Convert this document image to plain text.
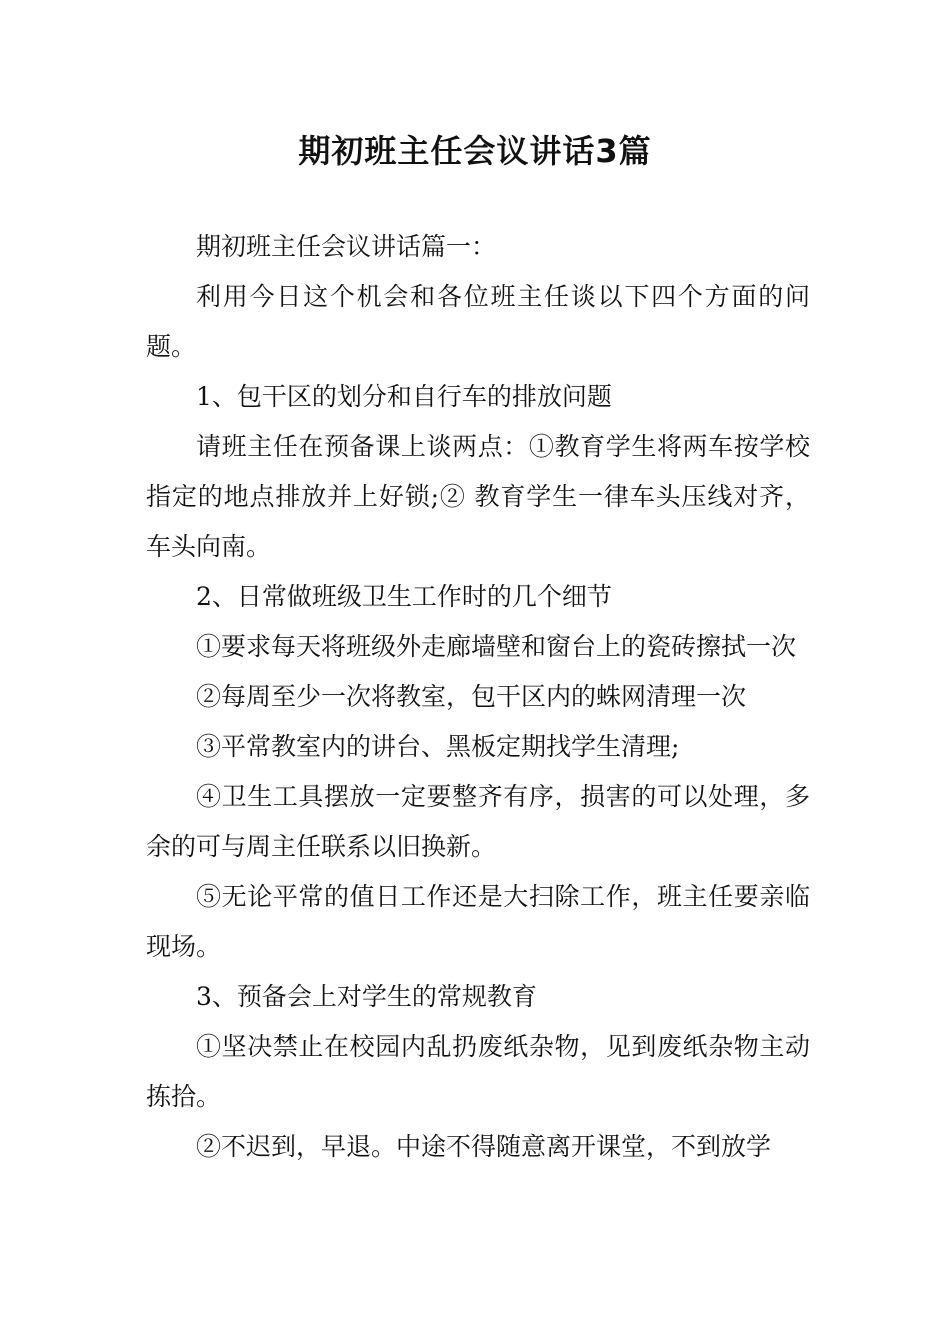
期初班主任会议讲话3篇

期初班主任会议讲话篇一：

利用今日这个机会和各位班主任谈以下四个方面的问题。

1、包干区的划分和自行车的排放问题

请班主任在预备课上谈两点：①教育学生将两车按学校指定的地点排放并上好锁;② 教育学生一律车头压线对齐，车头向南。

2、日常做班级卫生工作时的几个细节

①要求每天将班级外走廊墙壁和窗台上的瓷砖擦拭一次

②每周至少一次将教室，包干区内的蛛网清理一次

③平常教室内的讲台、黑板定期找学生清理;

④卫生工具摆放一定要整齐有序，损害的可以处理，多余的可与周主任联系以旧换新。

⑤无论平常的值日工作还是大扫除工作，班主任要亲临现场。

3、预备会上对学生的常规教育

①坚决禁止在校园内乱扔废纸杂物，见到废纸杂物主动拣拾。

②不迟到，早退。中途不得随意离开课堂，不到放学
